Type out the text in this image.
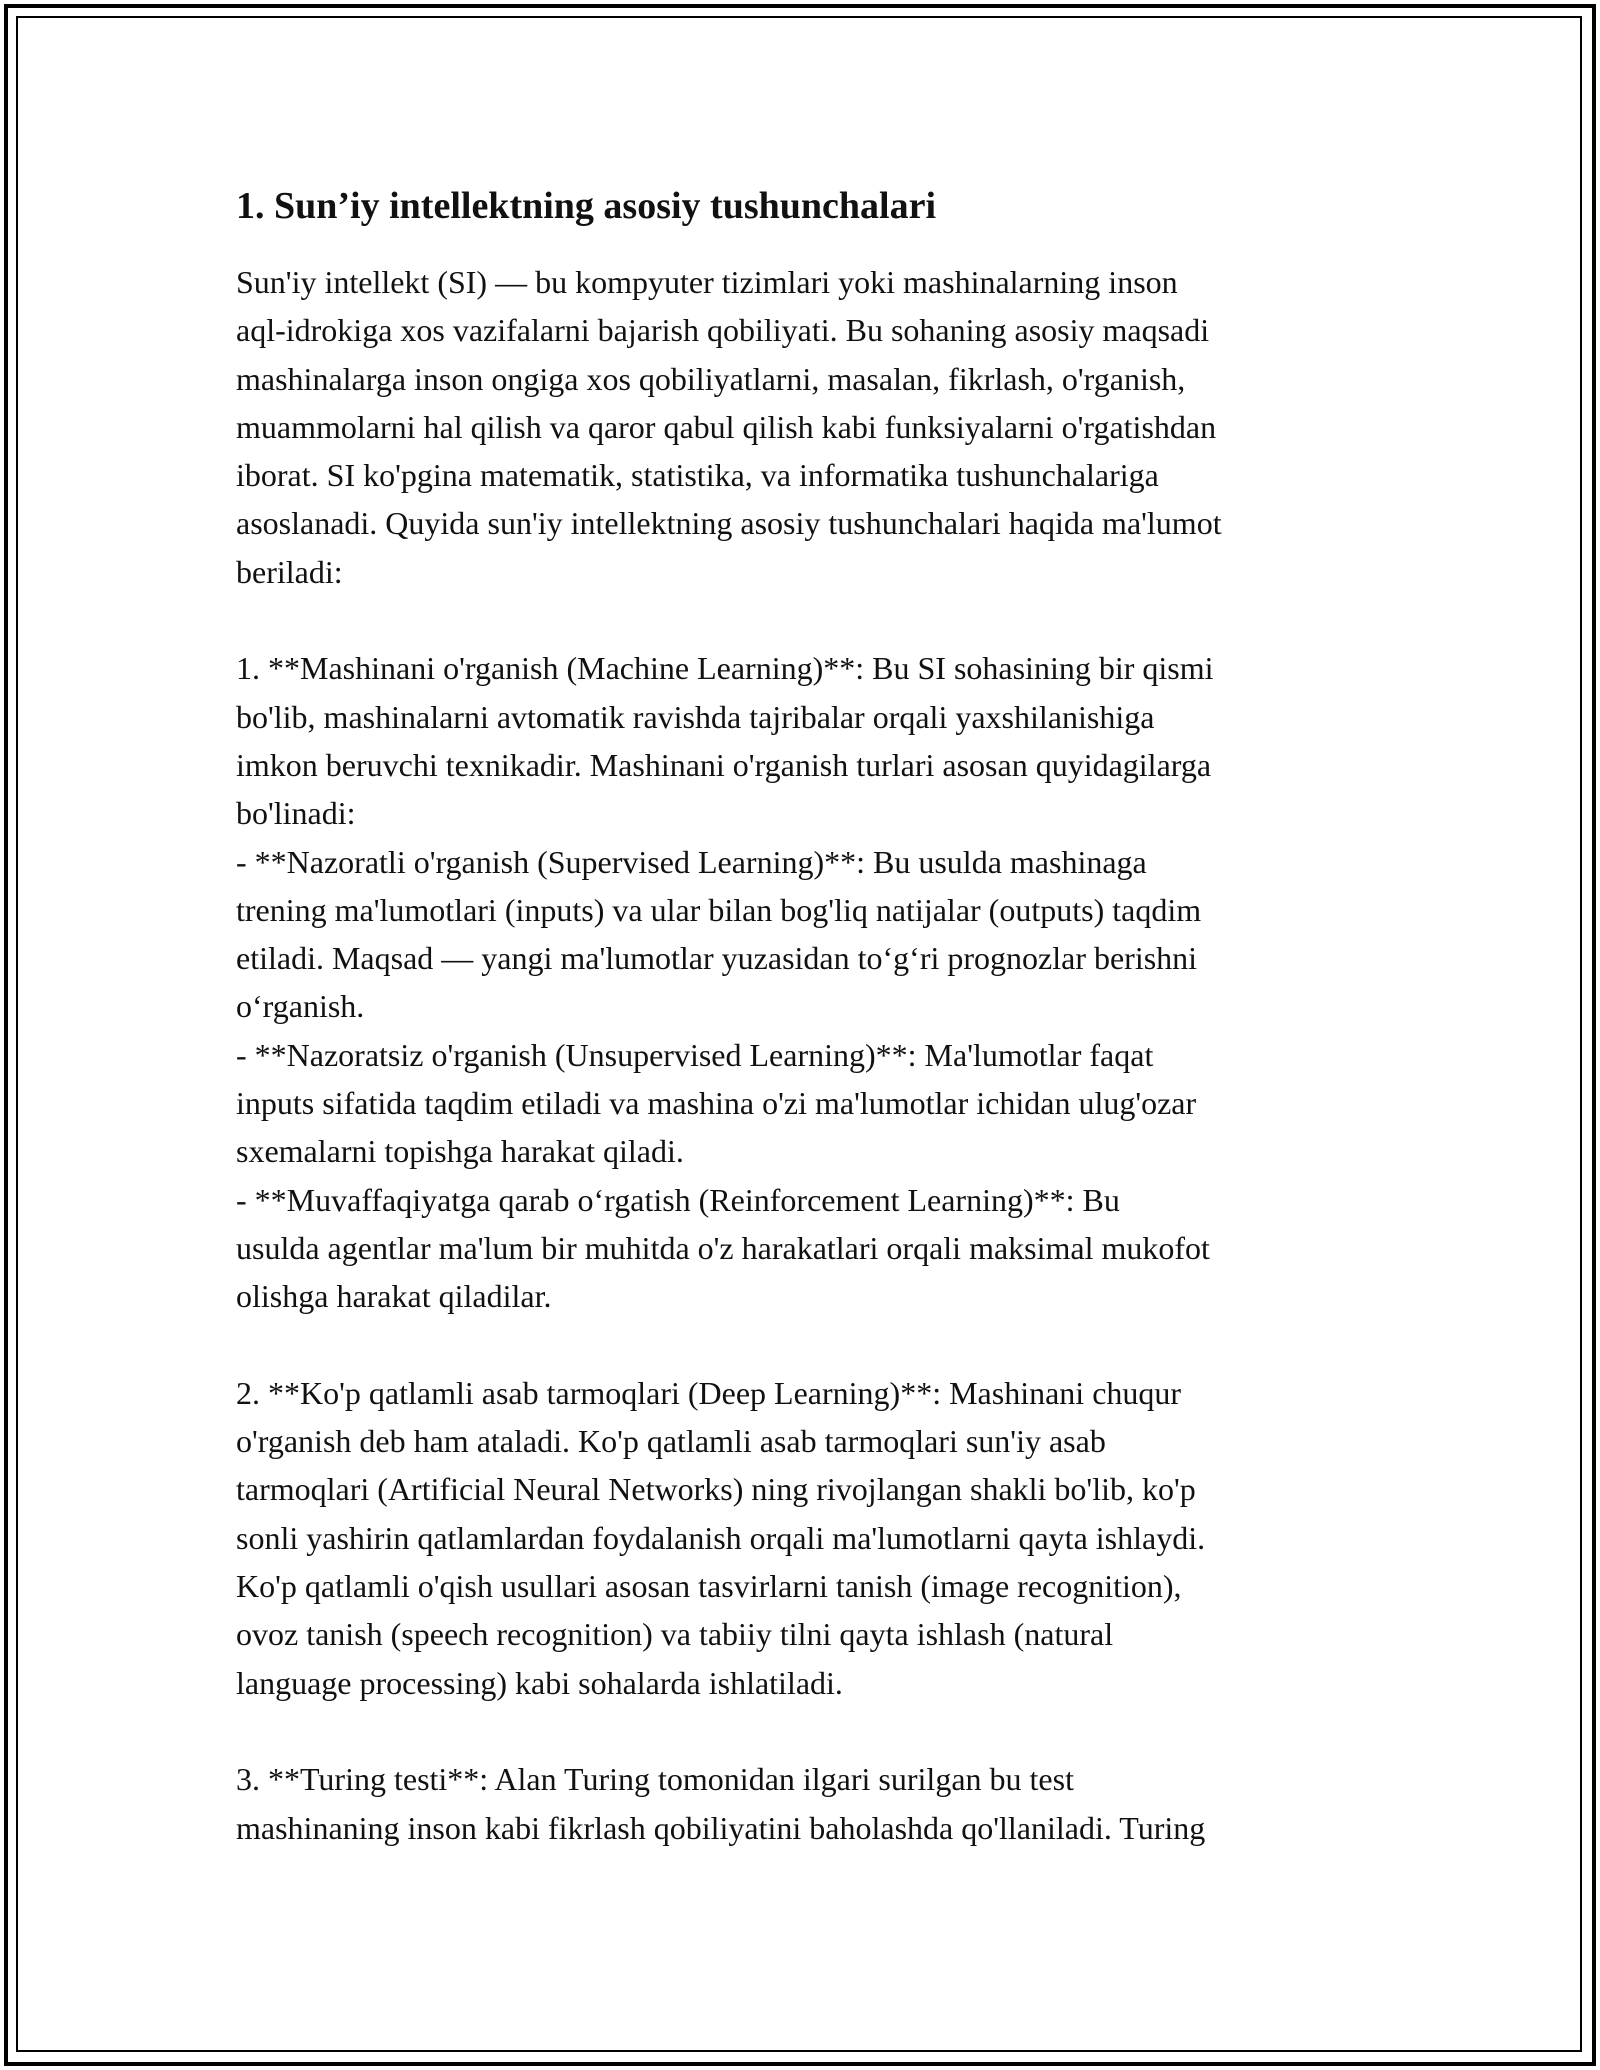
1. Sun’iy intellektning asosiy tushunchalari

Sun'iy intellekt (SI) — bu kompyuter tizimlari yoki mashinalarning inson
aql-idrokiga xos vazifalarni bajarish qobiliyati. Bu sohaning asosiy maqsadi
mashinalarga inson ongiga xos qobiliyatlarni, masalan, fikrlash, o'rganish,
muammolarni hal qilish va qaror qabul qilish kabi funksiyalarni o'rgatishdan
iborat. SI ko'pgina matematik, statistika, va informatika tushunchalariga
asoslanadi. Quyida sun'iy intellektning asosiy tushunchalari haqida ma'lumot
beriladi:

1. **Mashinani o'rganish (Machine Learning)**: Bu SI sohasining bir qismi
bo'lib, mashinalarni avtomatik ravishda tajribalar orqali yaxshilanishiga
imkon beruvchi texnikadir. Mashinani o'rganish turlari asosan quyidagilarga
bo'linadi:
- **Nazoratli o'rganish (Supervised Learning)**: Bu usulda mashinaga
trening ma'lumotlari (inputs) va ular bilan bog'liq natijalar (outputs) taqdim
etiladi. Maqsad — yangi ma'lumotlar yuzasidan to‘g‘ri prognozlar berishni
o‘rganish.
- **Nazoratsiz o'rganish (Unsupervised Learning)**: Ma'lumotlar faqat
inputs sifatida taqdim etiladi va mashina o'zi ma'lumotlar ichidan ulug'ozar
sxemalarni topishga harakat qiladi.
- **Muvaffaqiyatga qarab o‘rgatish (Reinforcement Learning)**: Bu
usulda agentlar ma'lum bir muhitda o'z harakatlari orqali maksimal mukofot
olishga harakat qiladilar.

2. **Ko'p qatlamli asab tarmoqlari (Deep Learning)**: Mashinani chuqur
o'rganish deb ham ataladi. Ko'p qatlamli asab tarmoqlari sun'iy asab
tarmoqlari (Artificial Neural Networks) ning rivojlangan shakli bo'lib, ko'p
sonli yashirin qatlamlardan foydalanish orqali ma'lumotlarni qayta ishlaydi.
Ko'p qatlamli o'qish usullari asosan tasvirlarni tanish (image recognition),
ovoz tanish (speech recognition) va tabiiy tilni qayta ishlash (natural
language processing) kabi sohalarda ishlatiladi.

3. **Turing testi**: Alan Turing tomonidan ilgari surilgan bu test
mashinaning inson kabi fikrlash qobiliyatini baholashda qo'llaniladi. Turing
